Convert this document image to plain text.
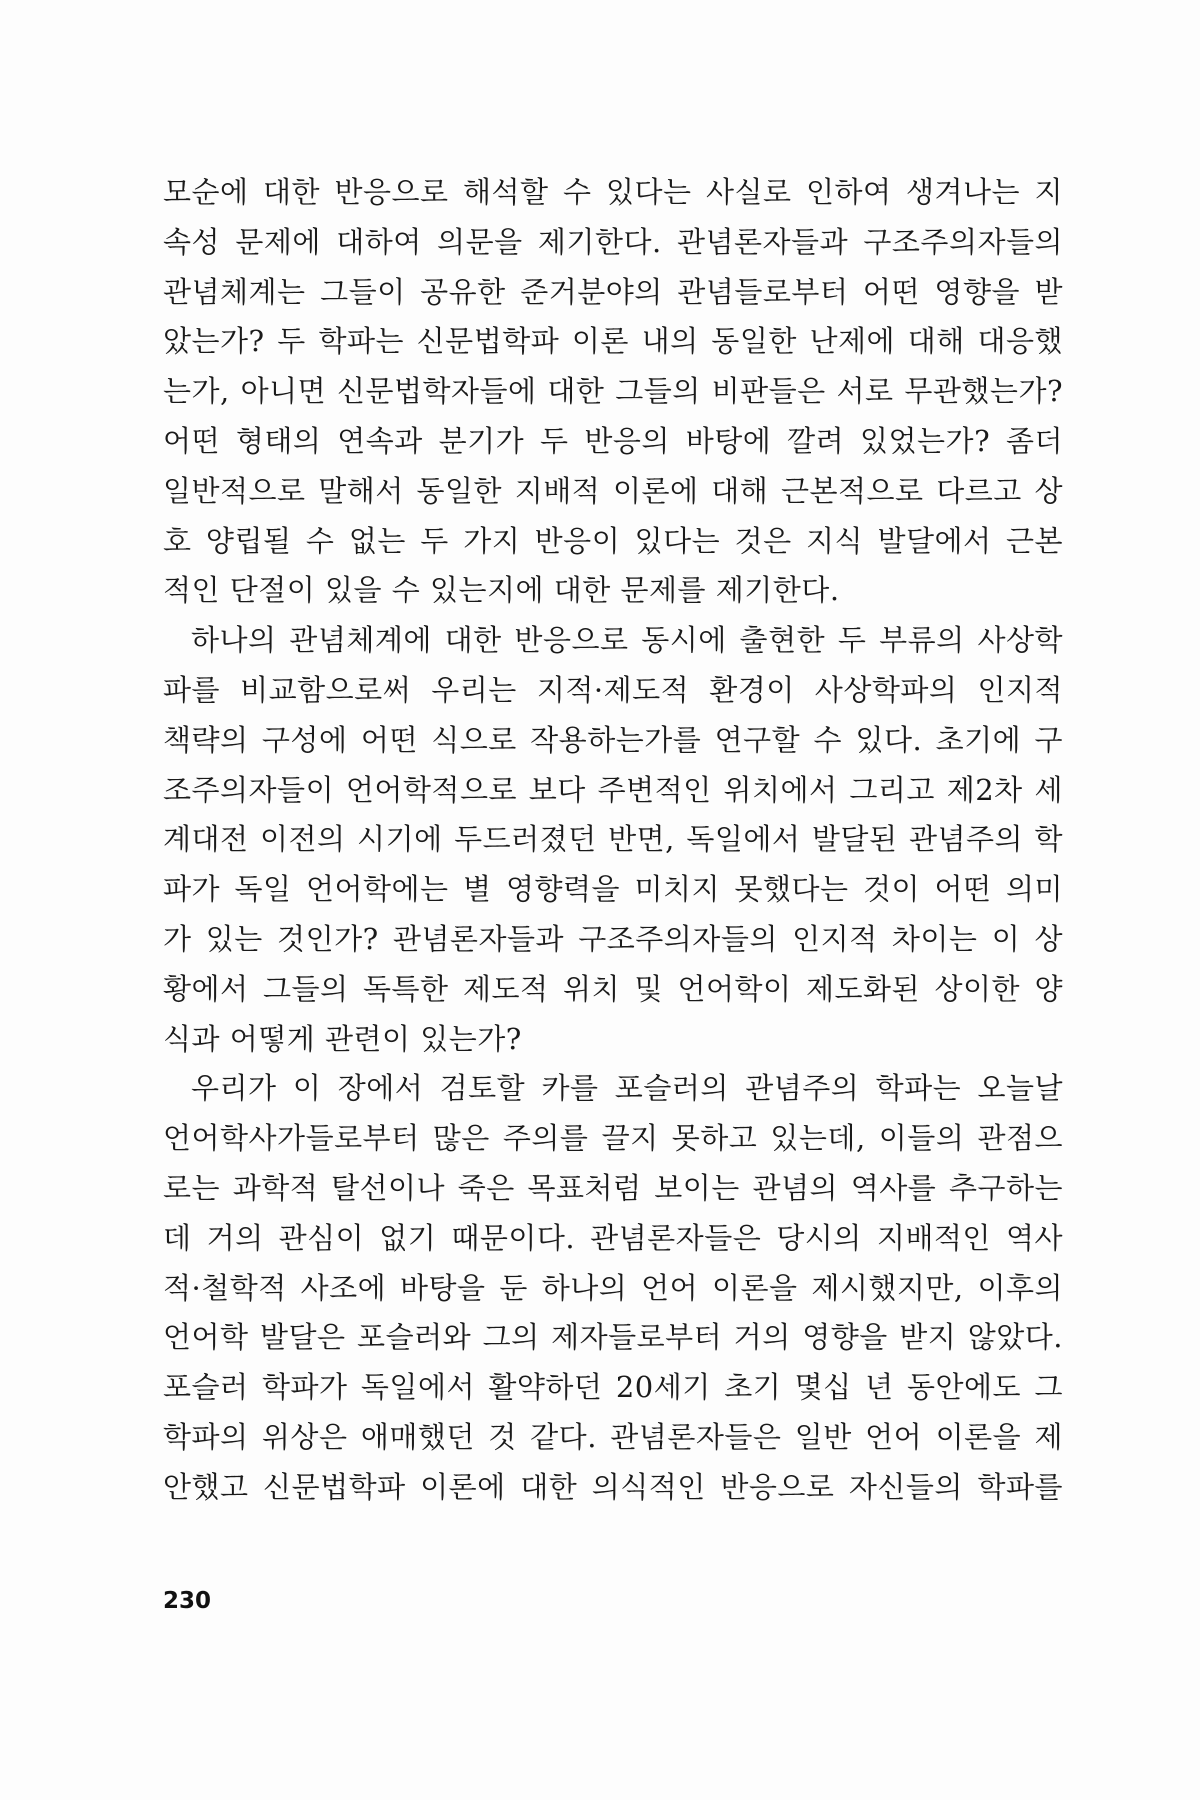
모순에 대한 반응으로 해석할 수 있다는 사실로 인하여 생겨나는 지
속성 문제에 대하여 의문을 제기한다. 관념론자들과 구조주의자들의
관념체계는 그들이 공유한 준거분야의 관념들로부터 어떤 영향을 받
았는가? 두 학파는 신문법학파 이론 내의 동일한 난제에 대해 대응했
는가, 아니면 신문법학자들에 대한 그들의 비판들은 서로 무관했는가?
어떤 형태의 연속과 분기가 두 반응의 바탕에 깔려 있었는가? 좀더
일반적으로 말해서 동일한 지배적 이론에 대해 근본적으로 다르고 상
호 양립될 수 없는 두 가지 반응이 있다는 것은 지식 발달에서 근본
적인 단절이 있을 수 있는지에 대한 문제를 제기한다.
하나의 관념체계에 대한 반응으로 동시에 출현한 두 부류의 사상학
파를 비교함으로써 우리는 지적·제도적 환경이 사상학파의 인지적
책략의 구성에 어떤 식으로 작용하는가를 연구할 수 있다. 초기에 구
조주의자들이 언어학적으로 보다 주변적인 위치에서 그리고 제2차 세
계대전 이전의 시기에 두드러졌던 반면, 독일에서 발달된 관념주의 학
파가 독일 언어학에는 별 영향력을 미치지 못했다는 것이 어떤 의미
가 있는 것인가? 관념론자들과 구조주의자들의 인지적 차이는 이 상
황에서 그들의 독특한 제도적 위치 및 언어학이 제도화된 상이한 양
식과 어떻게 관련이 있는가?
우리가 이 장에서 검토할 카를 포슬러의 관념주의 학파는 오늘날
언어학사가들로부터 많은 주의를 끌지 못하고 있는데, 이들의 관점으
로는 과학적 탈선이나 죽은 목표처럼 보이는 관념의 역사를 추구하는
데 거의 관심이 없기 때문이다. 관념론자들은 당시의 지배적인 역사
적·철학적 사조에 바탕을 둔 하나의 언어 이론을 제시했지만, 이후의
언어학 발달은 포슬러와 그의 제자들로부터 거의 영향을 받지 않았다.
포슬러 학파가 독일에서 활약하던 20세기 초기 몇십 년 동안에도 그
학파의 위상은 애매했던 것 같다. 관념론자들은 일반 언어 이론을 제
안했고 신문법학파 이론에 대한 의식적인 반응으로 자신들의 학파를
230
